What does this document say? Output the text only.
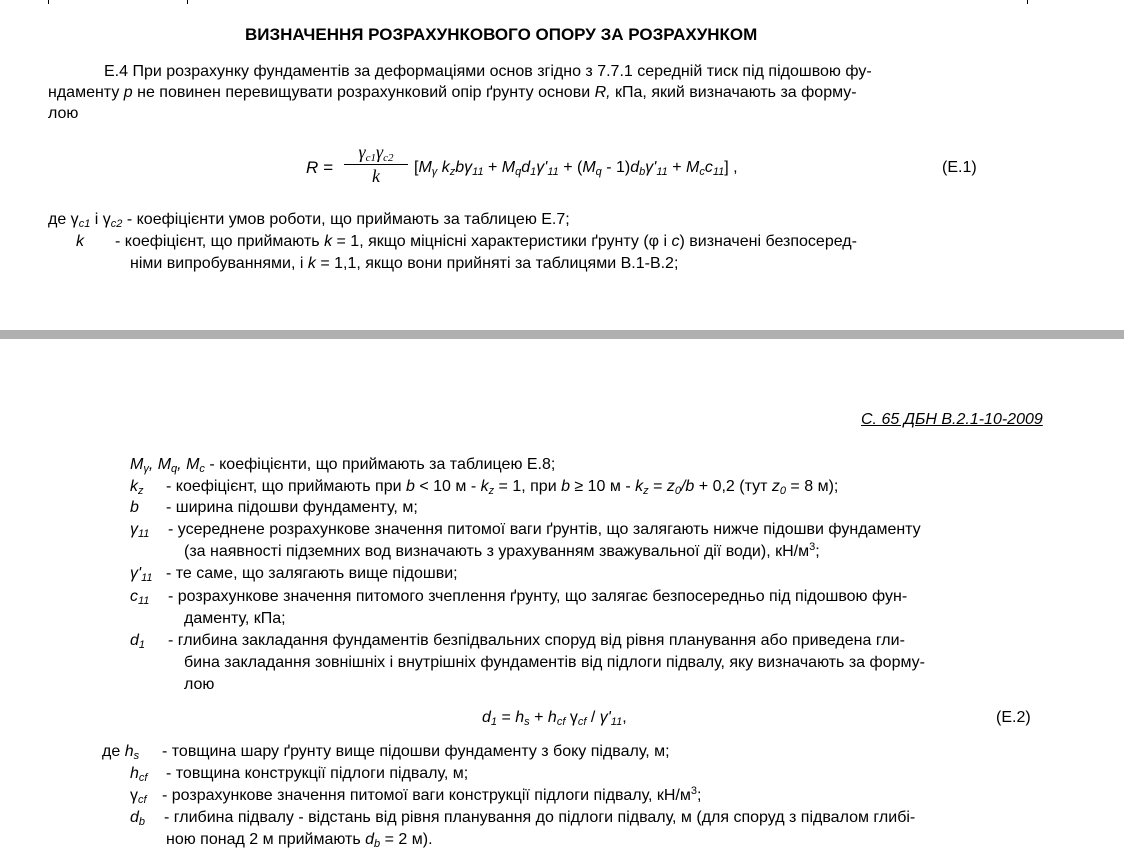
ВИЗНАЧЕННЯ РОЗРАХУНКОВОГО ОПОРУ ЗА РОЗРАХУНКОМ
Е.4 При розрахунку фундаментів за деформаціями основ згідно з 7.7.1 середній тиск під підошвою фу-
ндаменту p не повинен перевищувати розрахунковий опір ґрунту основи R, кПа, який визначають за форму-
лою
R =
$\gamma_{c1}\gamma_{c2}$
k	[$M_\gamma$ $k_zb\gamma_{11} + M_qd_1\gamma'_{11} + (M_q - 1)d_b\gamma'_{11} + M_cc_{11}$] ,	(Е.1)
де $\gamma_{c1}$ і $\gamma_{c2}$ - коефіцієнти умов роботи, що приймають за таблицею Е.7;
k - коефіцієнт, що приймають k = 1, якщо міцнісні характеристики ґрунту (φ і c) визначені безпосеред-
німи випробуваннями, і k = 1,1, якщо вони прийняті за таблицями В.1-В.2;
С. 65 ДБН В.2.1-10-2009
$M_\gamma$, $M_q$, $M_c$ - коефіцієнти, що приймають за таблицею Е.8;
$k_z$ - коефіцієнт, що приймають при b < 10 $м - k_z = 1$, при b ≥ 10 $м - k_z = z_0/b + 0,2$ (тут $z_0 = 8$ м);
b - ширина підошви фундаменту, м;
$\gamma_{11}$ - усереднене розрахункове значення питомої ваги ґрунтів, що залягають нижче підошви фундаменту
(за наявності підземних вод визначають з урахуванням зважувальної дії води), $кН/м^3$;
$\gamma'_{11}$ - те саме, що залягають вище підошви;
$c_{11}$ - розрахункове значення питомого зчеплення ґрунту, що залягає безпосередньо під підошвою фун-
даменту, кПа;
$d_1$ - глибина закладання фундаментів безпідвальних споруд від рівня планування або приведена гли-
бина закладання зовнішніх і внутрішніх фундаментів від підлоги підвалу, яку визначають за форму-
лою
$d_1 = h_s + h_{cf}$ $\gamma_{cf} / \gamma'_{11}$,	(Е.2)
де $h_s$ - товщина шару ґрунту вище підошви фундаменту з боку підвалу, м;
$h_{cf}$ - товщина конструкції підлоги підвалу, м;
$\gamma_{cf}$ - розрахункове значення питомої ваги конструкції підлоги підвалу, $кН/м^3$;
$d_b$ - глибина підвалу - відстань від рівня планування до підлоги підвалу, м (для споруд з підвалом глибі-
ною понад 2 м приймають $d_b = 2$ м).
